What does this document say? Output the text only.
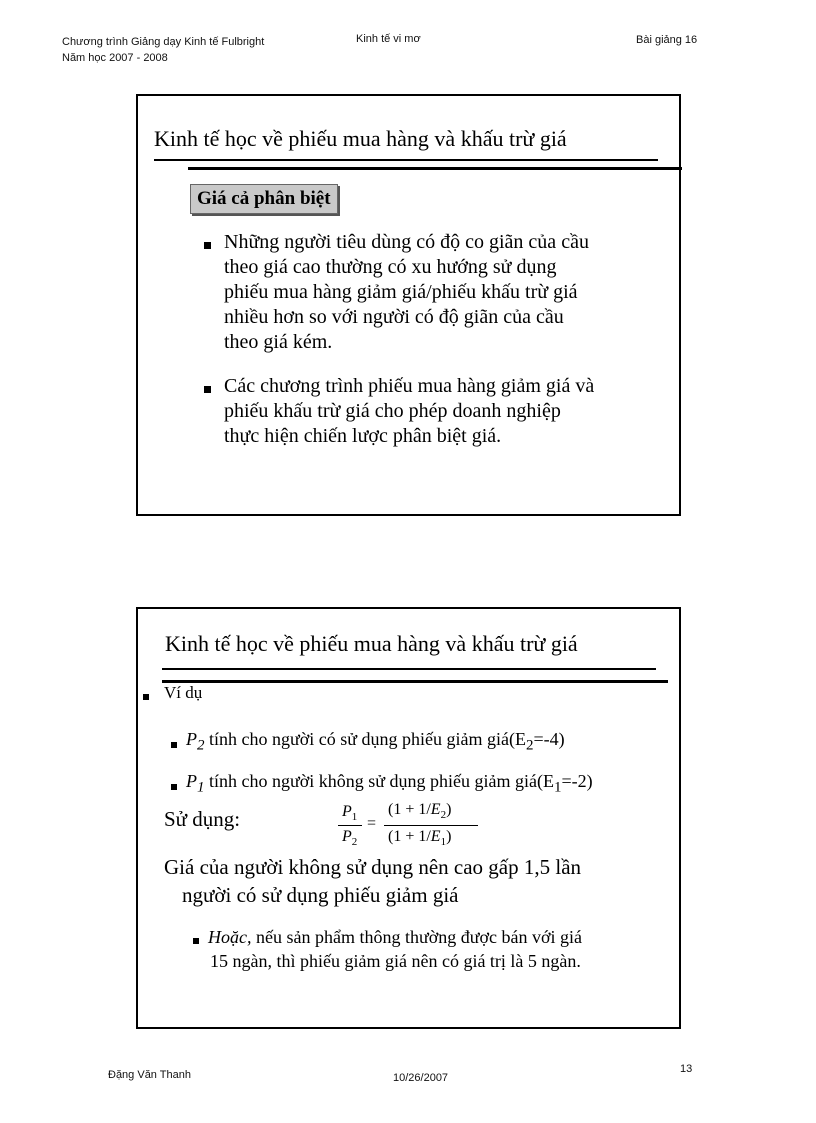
Chương trình Giảng dạy Kinh tế Fulbright
Năm học 2007 - 2008
Kinh tế vi mơ	Bài giảng 16
Kinh tế học về phiếu mua hàng và khấu trừ giá
Giá cả phân biệt
Những người tiêu dùng có độ co giãn của cầu
theo giá cao thường có xu hướng sử dụng
phiếu mua hàng giảm giá/phiếu khấu trừ giá
nhiều hơn so với người có độ giãn của cầu
theo giá kém.
Các chương trình phiếu mua hàng giảm giá và
phiếu khấu trừ giá cho phép doanh nghiệp
thực hiện chiến lược phân biệt giá.
Kinh tế học về phiếu mua hàng và khấu trừ giá
Ví dụ
$P_2$ tính cho người có sử dụng phiếu giảm $giá(E_2=-4)$
$P_1$ tính cho người không sử dụng phiếu giảm $giá(E_1=-2)$
Sử dụng:	$P_1$
$P_2$
=
$(1 + 1/E_2)$
$(1 + 1/E_1)$
Giá của người không sử dụng nên cao gấp 1,5 lần
người có sử dụng phiếu giảm giá
Hoặc, nếu sản phẩm thông thường được bán với giá
15 ngàn, thì phiếu giảm giá nên có giá trị là 5 ngàn.
Đặng Văn Thanh	10/26/2007
13
